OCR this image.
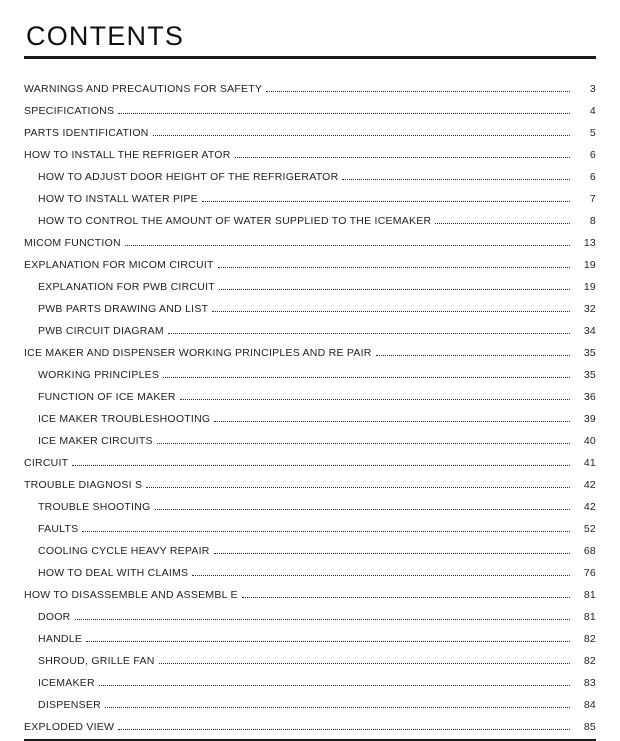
CONTENTS
WARNINGS AND PRECAUTIONS FOR SAFETY	3
SPECIFICATIONS	4
PARTS IDENTIFICATION	5
HOW TO INSTALL THE REFRIGER ATOR	6
HOW TO ADJUST DOOR HEIGHT OF THE REFRIGERATOR	6
HOW TO INSTALL WATER PIPE	7
HOW TO CONTROL THE AMOUNT OF WATER SUPPLIED TO THE ICEMAKER	8
MICOM FUNCTION	13
EXPLANATION FOR MICOM CIRCUIT	19
EXPLANATION FOR PWB CIRCUIT	19
PWB PARTS DRAWING AND LIST	32
PWB CIRCUIT DIAGRAM	34
ICE MAKER AND DISPENSER WORKING PRINCIPLES AND RE PAIR	35
WORKING PRINCIPLES	35
FUNCTION OF ICE MAKER	36
ICE MAKER TROUBLESHOOTING	39
ICE MAKER CIRCUITS	40
CIRCUIT	41
TROUBLE DIAGNOSI S	42
TROUBLE SHOOTING	42
FAULTS	52
COOLING CYCLE HEAVY REPAIR	68
HOW TO DEAL WITH CLAIMS	76
HOW TO DISASSEMBLE AND ASSEMBL E	81
DOOR	81
HANDLE	82
SHROUD, GRILLE FAN	82
ICEMAKER	83
DISPENSER	84
EXPLODED VIEW	85
